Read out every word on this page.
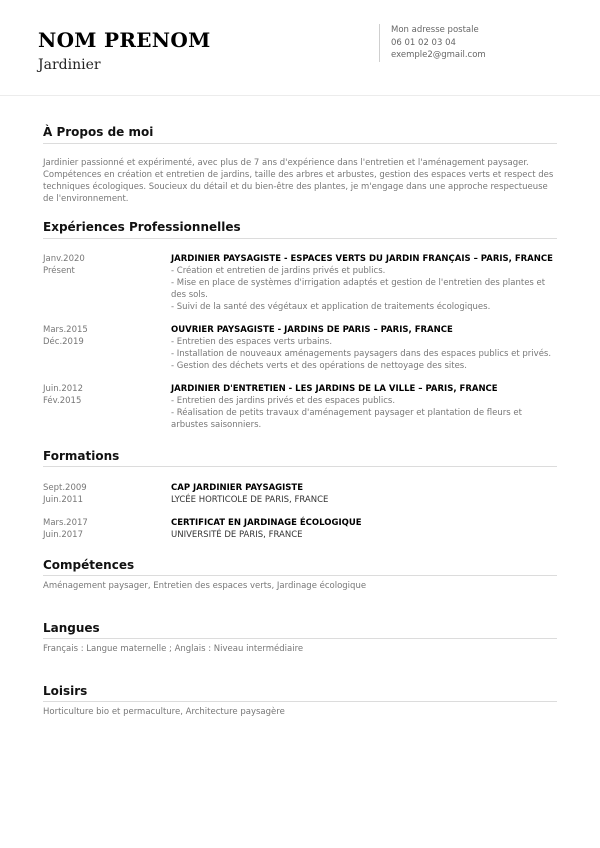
NOM PRENOM
Jardinier
Mon adresse postale
06 01 02 03 04
exemple2@gmail.com
À Propos de moi
Jardinier passionné et expérimenté, avec plus de 7 ans d'expérience dans l'entretien et l'aménagement paysager. Compétences en création et entretien de jardins, taille des arbres et arbustes, gestion des espaces verts et respect des techniques écologiques. Soucieux du détail et du bien-être des plantes, je m'engage dans une approche respectueuse de l'environnement.
Expériences Professionnelles
Janv.2020
Présent
JARDINIER PAYSAGISTE - ESPACES VERTS DU JARDIN FRANÇAIS – PARIS, FRANCE
- Création et entretien de jardins privés et publics.
- Mise en place de systèmes d'irrigation adaptés et gestion de l'entretien des plantes et des sols.
- Suivi de la santé des végétaux et application de traitements écologiques.
Mars.2015
Déc.2019
OUVRIER PAYSAGISTE - JARDINS DE PARIS – PARIS, FRANCE
- Entretien des espaces verts urbains.
- Installation de nouveaux aménagements paysagers dans des espaces publics et privés.
- Gestion des déchets verts et des opérations de nettoyage des sites.
Juin.2012
Fév.2015
JARDINIER D'ENTRETIEN - LES JARDINS DE LA VILLE – PARIS, FRANCE
- Entretien des jardins privés et des espaces publics.
- Réalisation de petits travaux d'aménagement paysager et plantation de fleurs et arbustes saisonniers.
Formations
Sept.2009
Juin.2011
CAP JARDINIER PAYSAGISTE
LYCÉE HORTICOLE DE PARIS, FRANCE
Mars.2017
Juin.2017
CERTIFICAT EN JARDINAGE ÉCOLOGIQUE
UNIVERSITÉ DE PARIS, FRANCE
Compétences
Aménagement paysager, Entretien des espaces verts, Jardinage écologique
Langues
Français : Langue maternelle ; Anglais : Niveau intermédiaire
Loisirs
Horticulture bio et permaculture, Architecture paysagère
